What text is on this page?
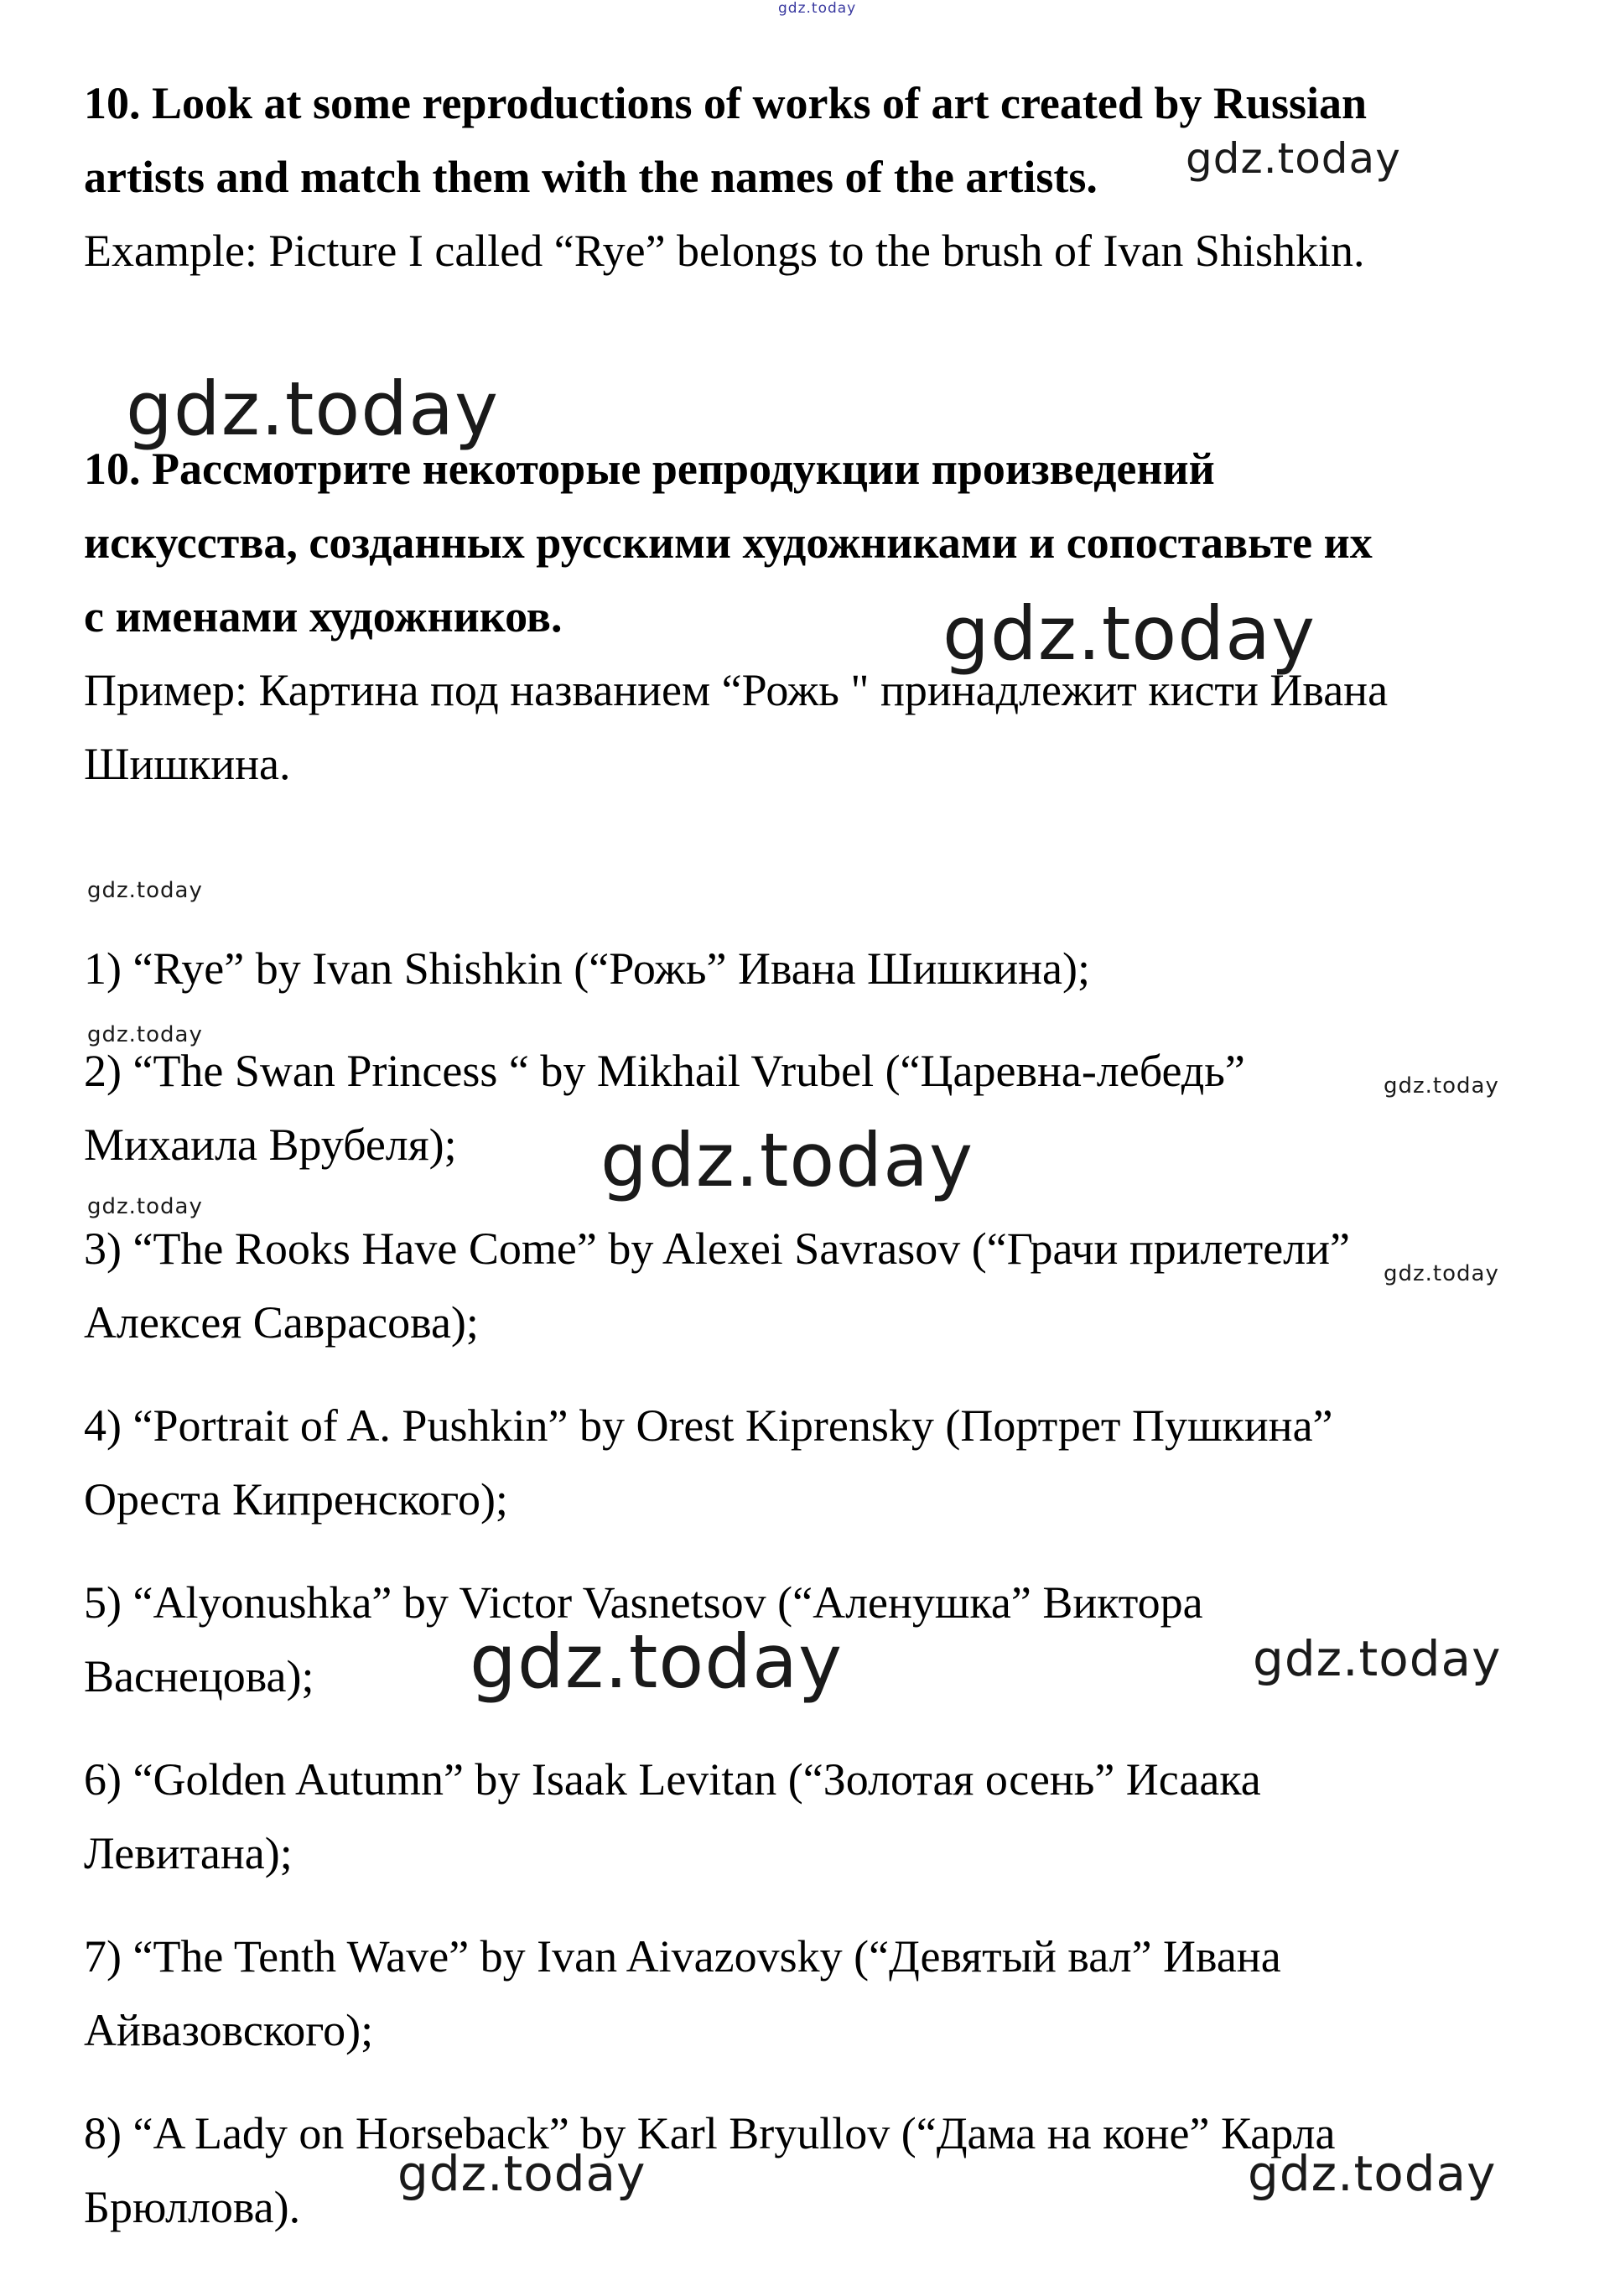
10. Look at some reproductions of works of art created by Russian
artists and match them with the names of the artists.
Example: Picture I called “Rye” belongs to the brush of Ivan Shishkin.
10. Рассмотрите некоторые репродукции произведений
искусства, созданных русскими художниками и сопоставьте их
с именами художников.
Пример: Картина под названием “Рожь " принадлежит кисти Ивана
Шишкина.
1) “Rye” by Ivan Shishkin (“Рожь” Ивана Шишкина);
2) “The Swan Princess “ by Mikhail Vrubel (“Царевна-лебедь”
Михаила Врубеля);
3) “The Rooks Have Come” by Alexei Savrasov (“Грачи прилетели”
Алексея Саврасова);
4) “Portrait of A. Pushkin” by Orest Kiprensky (Портрет Пушкина”
Ореста Кипренского);
5) “Alyonushka” by Victor Vasnetsov (“Аленушка” Виктора
Васнецова);
6) “Golden Autumn” by Isaak Levitan (“Золотая осень” Исаака
Левитана);
7) “The Tenth Wave” by Ivan Aivazovsky (“Девятый вал” Ивана
Айвазовского);
8) “A Lady on Horseback” by Karl Bryullov (“Дама на коне” Карла
Брюллова).
gdz.today
gdz.today
gdz.today
gdz.today
gdz.today
gdz.today
gdz.today
gdz.today
gdz.today
gdz.today
gdz.today	gdz.today
gdz.today	gdz.today
